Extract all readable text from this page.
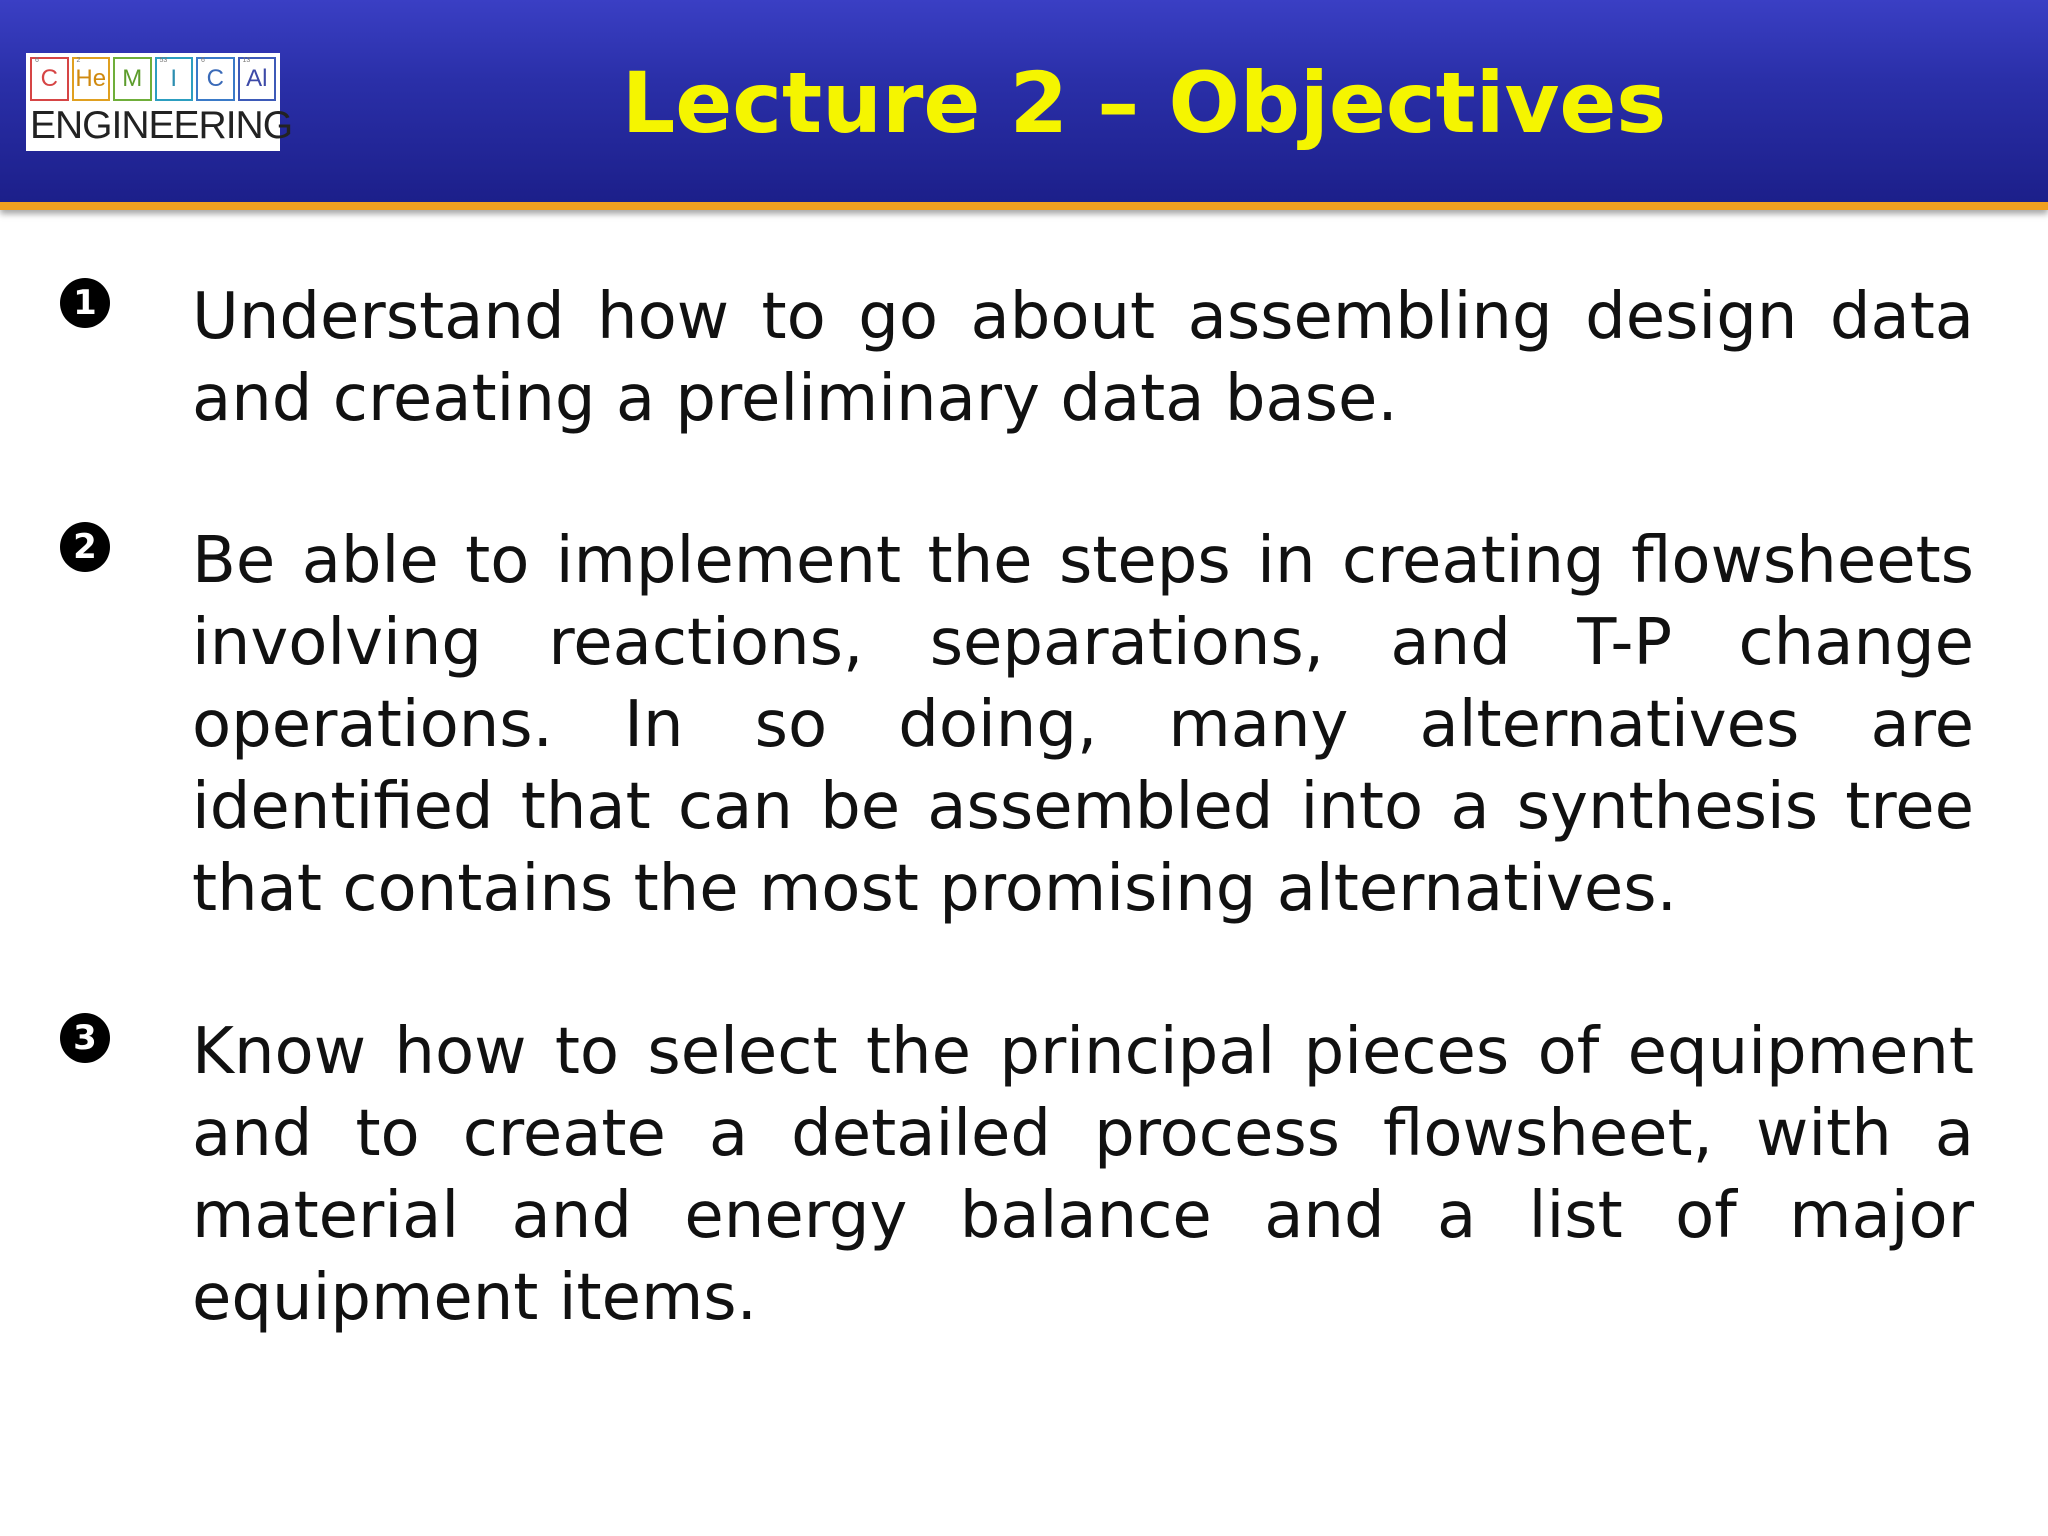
6
C
2
He M
53
I
6
C
13
Al
ENGINEERING	Lecture 2 – Objectives
1 Understand how to go about assembling design data and creating a preliminary data base.
2 Be able to implement the steps in creating flowsheets involving reactions, separations, and T-P change operations. In so doing, many alternatives are identified that can be assembled into a synthesis tree that contains the most promising alternatives.
3 Know how to select the principal pieces of equipment and to create a detailed process flowsheet, with a material and energy balance and a list of major equipment items.
